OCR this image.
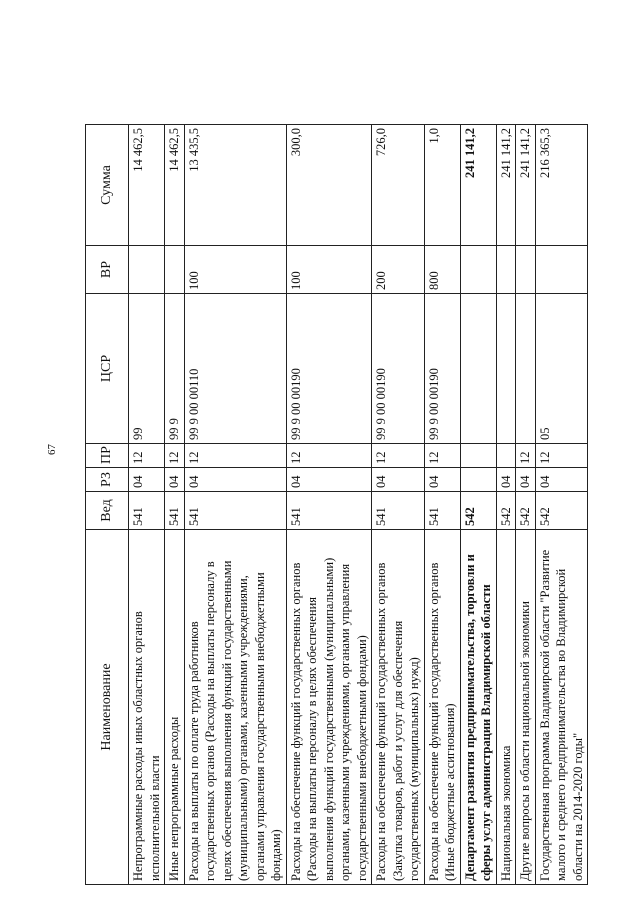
67
Наименование	Вед	РЗ	ПР	ЦСР	ВР	Сумма
Непрограммные расходы иных областных органов исполнительной власти	541	04	12	99		14 462,5
Иные непрограммные расходы	541	04	12	99 9		14 462,5
Расходы на выплаты по оплате труда работников государственных органов (Расходы на выплаты персоналу в целях обеспечения выполнения функций государственными (муниципальными) органами, казенными учреждениями, органами управления государственными внебюджетными фондами)	541	04	12	99 9 00 00110	100	13 435,5
Расходы на обеспечение функций государственных органов (Расходы на выплаты персоналу в целях обеспечения выполнения функций государственными (муниципальными) органами, казенными учреждениями, органами управления государственными внебюджетными фондами)	541	04	12	99 9 00 00190	100	300,0
Расходы на обеспечение функций государственных органов (Закупка товаров, работ и услуг для обеспечения государственных (муниципальных) нужд)	541	04	12	99 9 00 00190	200	726,0
Расходы на обеспечение функций государственных органов (Иные бюджетные ассигнования)	541	04	12	99 9 00 00190	800	1,0
Департамент развития предпринимательства, торговли и сферы услуг администрации Владимирской области	542					241 141,2
Национальная экономика	542	04				241 141,2
Другие вопросы в области национальной экономики	542	04	12			241 141,2
Государственная программа Владимирской области "Развитие малого и среднего предпринимательства во Владимирской области на 2014-2020 годы"	542	04	12	05		216 365,3
